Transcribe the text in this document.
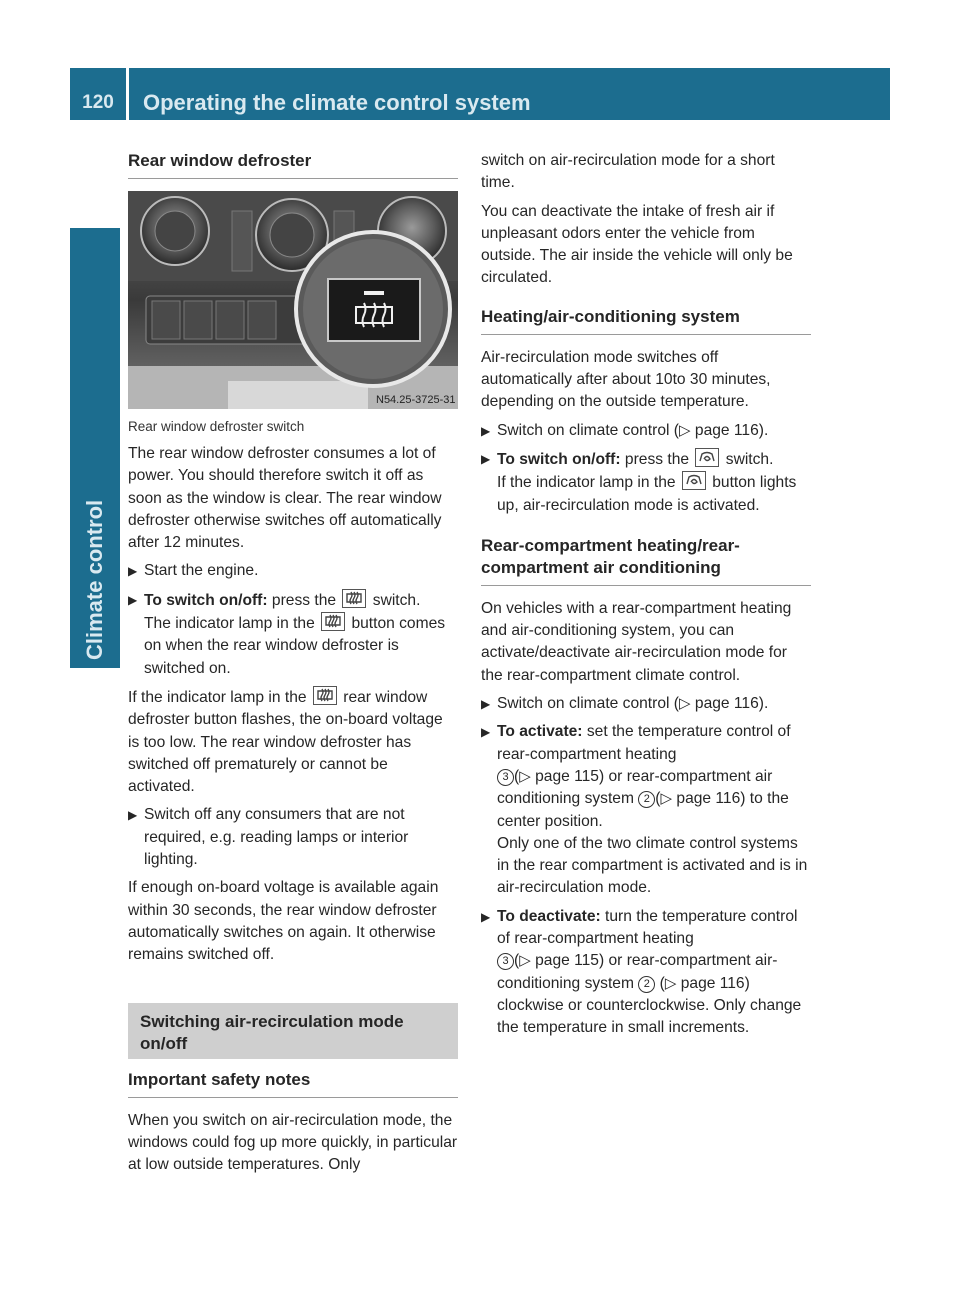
120	Operating the climate control system
Climate control
Rear window defroster
N54.25-3725-31
Rear window defroster switch

The rear window defroster consumes a lot of power. You should therefore switch it off as soon as the window is clear. The rear window defroster otherwise switches off automatically after 12 minutes.

▶ Start the engine.
▶ To switch on/off: press the switch.
The indicator lamp in the button comes on when the rear window defroster is switched on.

If the indicator lamp in the rear window defroster button flashes, the on-board voltage is too low. The rear window defroster has switched off prematurely or cannot be activated.

▶ Switch off any consumers that are not required, e.g. reading lamps or interior lighting.

If enough on-board voltage is available again within 30 seconds, the rear window defroster automatically switches on again. It otherwise remains switched off.

Switching air-recirculation mode on/off
Important safety notes

When you switch on air-recirculation mode, the windows could fog up more quickly, in particular at low outside temperatures. Only

switch on air-recirculation mode for a short time.

You can deactivate the intake of fresh air if unpleasant odors enter the vehicle from outside. The air inside the vehicle will only be circulated.

Heating/air-conditioning system

Air-recirculation mode switches off automatically after about 10to 30 minutes, depending on the outside temperature.

▶ Switch on climate control (▷ page 116).
▶ To switch on/off: press the switch.
If the indicator lamp in the button lights up, air-recirculation mode is activated.
Rear-compartment heating/rear-compartment air conditioning

On vehicles with a rear-compartment heating and air-conditioning system, you can activate/deactivate air-recirculation mode for the rear-compartment climate control.

▶ Switch on climate control (▷ page 116).
▶ To activate: set the temperature control of rear-compartment heating
3 (▷ page 115) or rear-compartment air conditioning system 2 (▷ page 116) to the center position.
Only one of the two climate control systems in the rear compartment is activated and is in air-recirculation mode.
▶ To deactivate: turn the temperature control of rear-compartment heating
3 (▷ page 115) or rear-compartment air-conditioning system 2 (▷ page 116) clockwise or counterclockwise. Only change the temperature in small increments.
